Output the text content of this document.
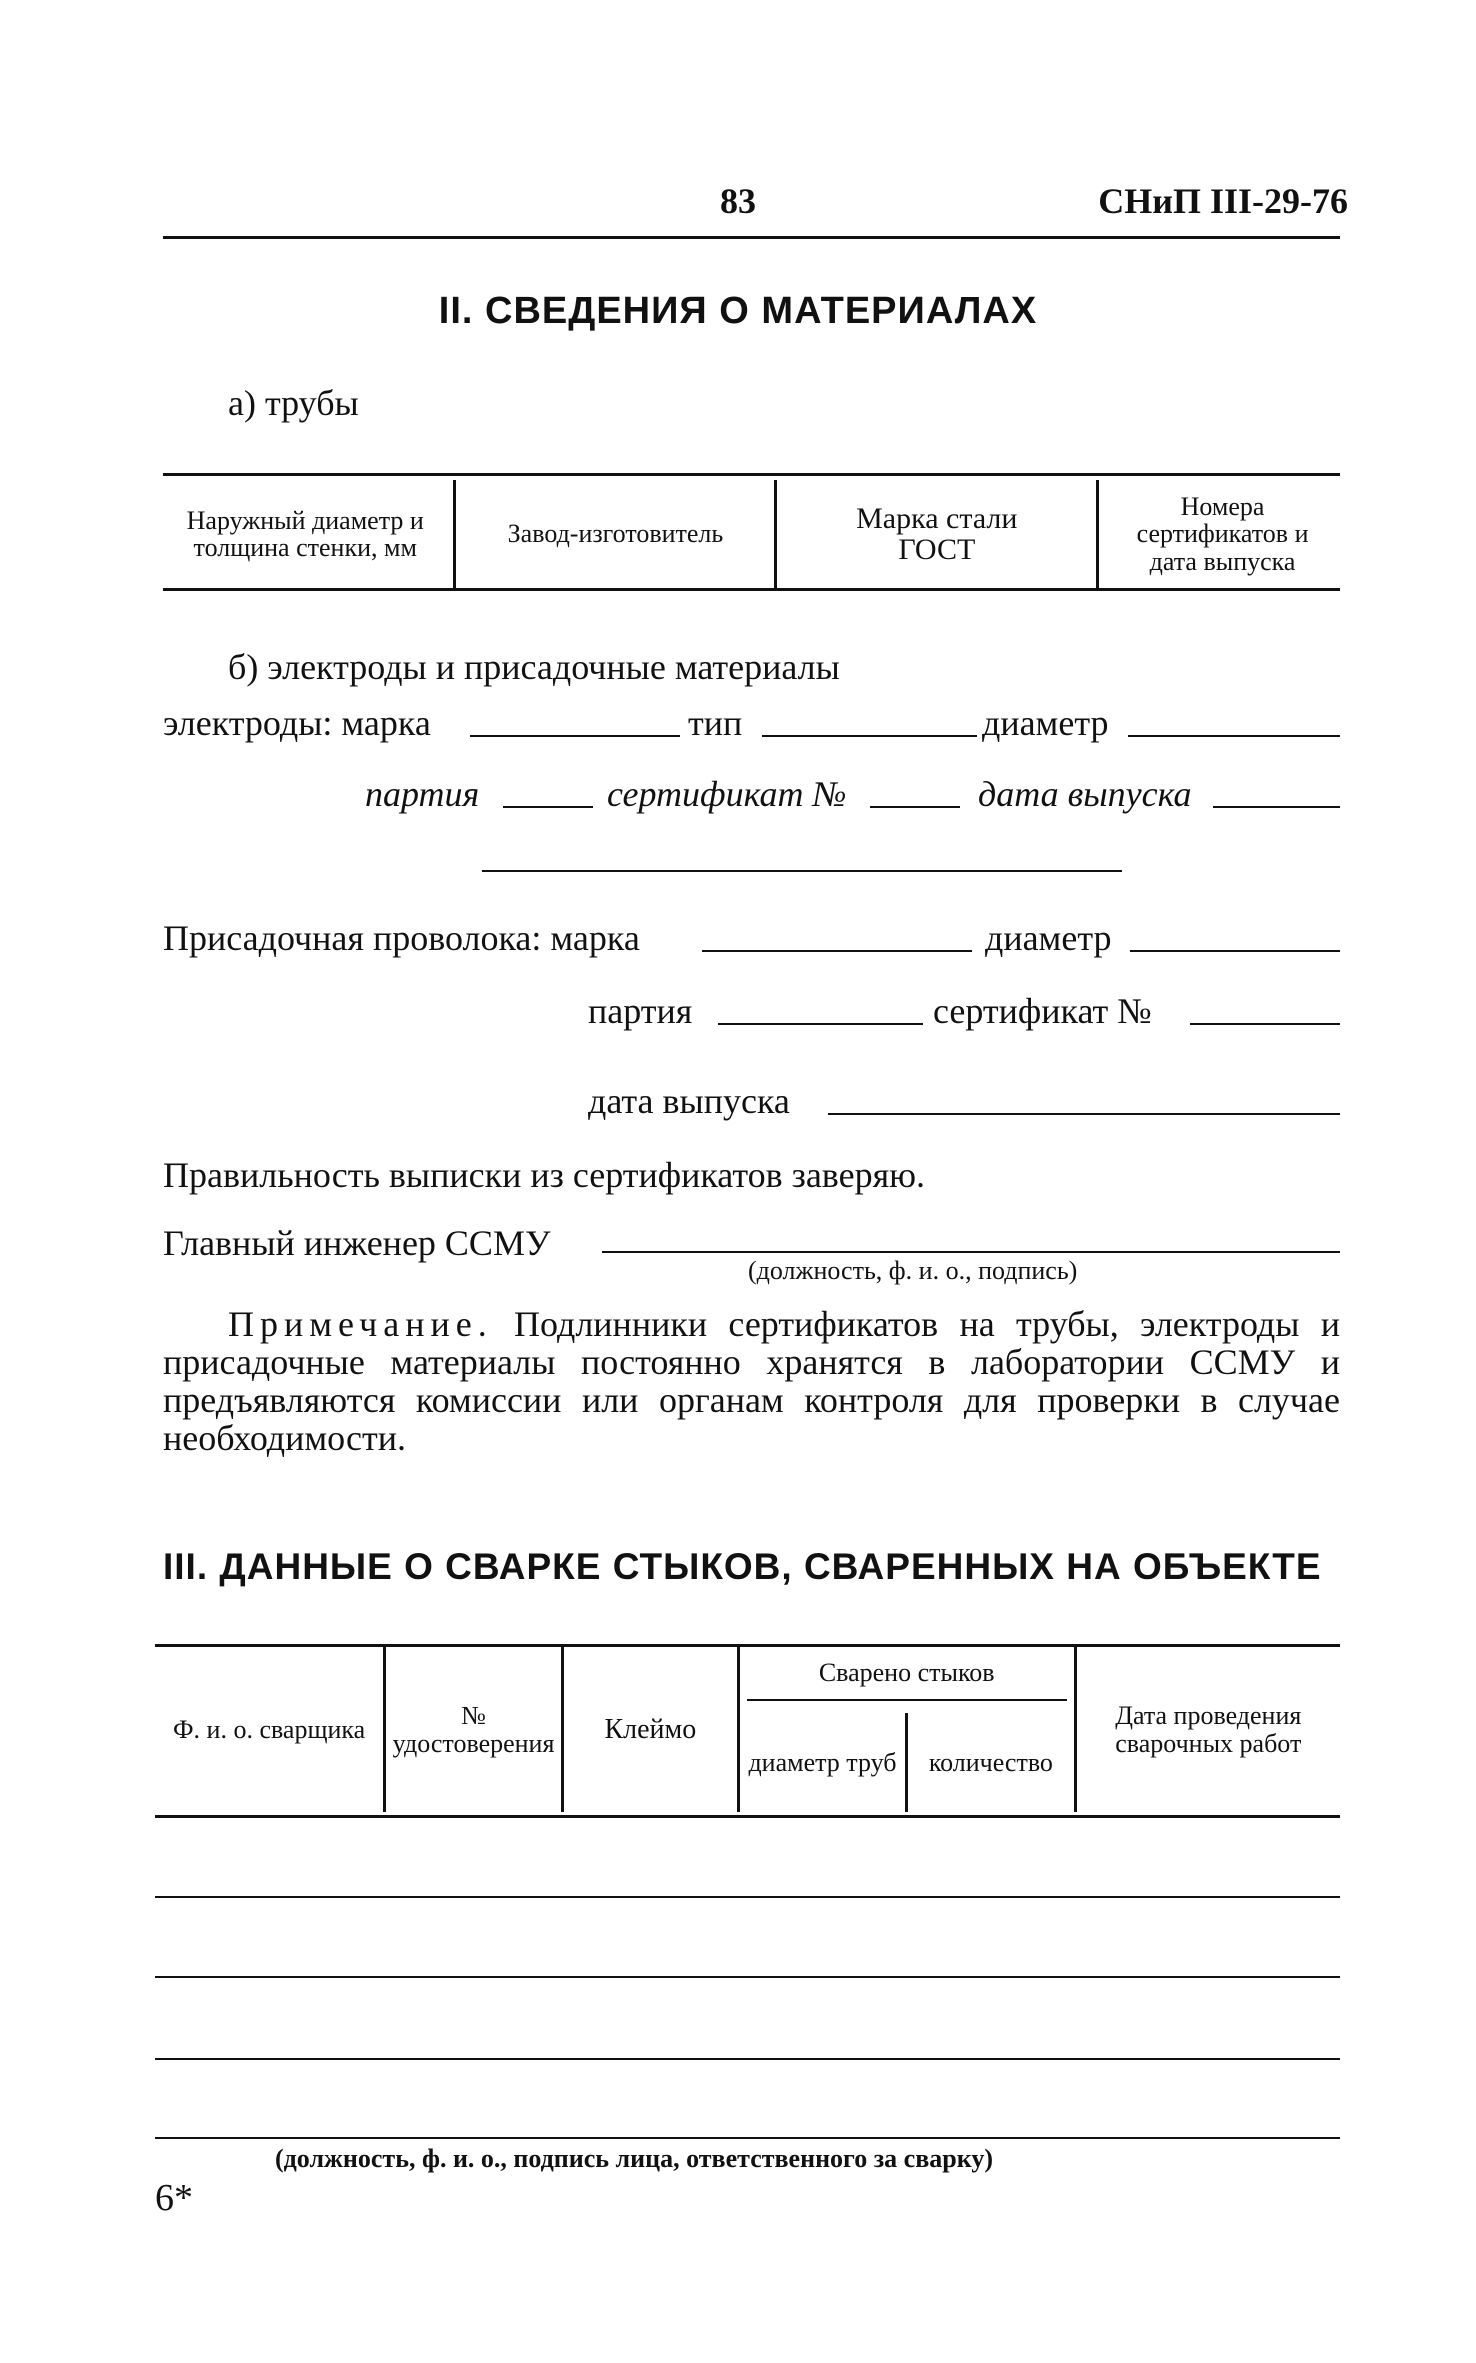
83	СНиП III-29-76
II. СВЕДЕНИЯ О МАТЕРИАЛАХ
а) трубы
Наружный диаметр и толщина стенки, мм	Завод-изготовитель	Марка стали ГОСТ	Номера сертификатов и дата выпуска
б) электроды и присадочные материалы
электроды: марка	тип	диаметр
партия	сертификат №	дата выпуска
Присадочная проволока: марка	диаметр
партия	сертификат №
дата выпуска
Правильность выписки из сертификатов заверяю.
Главный инженер ССМУ
(должность, ф. и. о., подпись)
Примечание. Подлинники сертификатов на трубы, электроды и присадочные материалы постоянно хранятся в лаборатории ССМУ и предъявляются комиссии или органам контроля для проверки в случае необходимости.
III. ДАННЫЕ О СВАРКЕ СТЫКОВ, СВАРЕННЫХ НА ОБЪЕКТЕ
Ф. и. о. сварщика	№ удостоверения	Клеймо	Сварено стыков		Дата проведения сварочных работ
			диаметр труб	количество	
(должность, ф. и. о., подпись лица, ответственного за сварку)
6*
